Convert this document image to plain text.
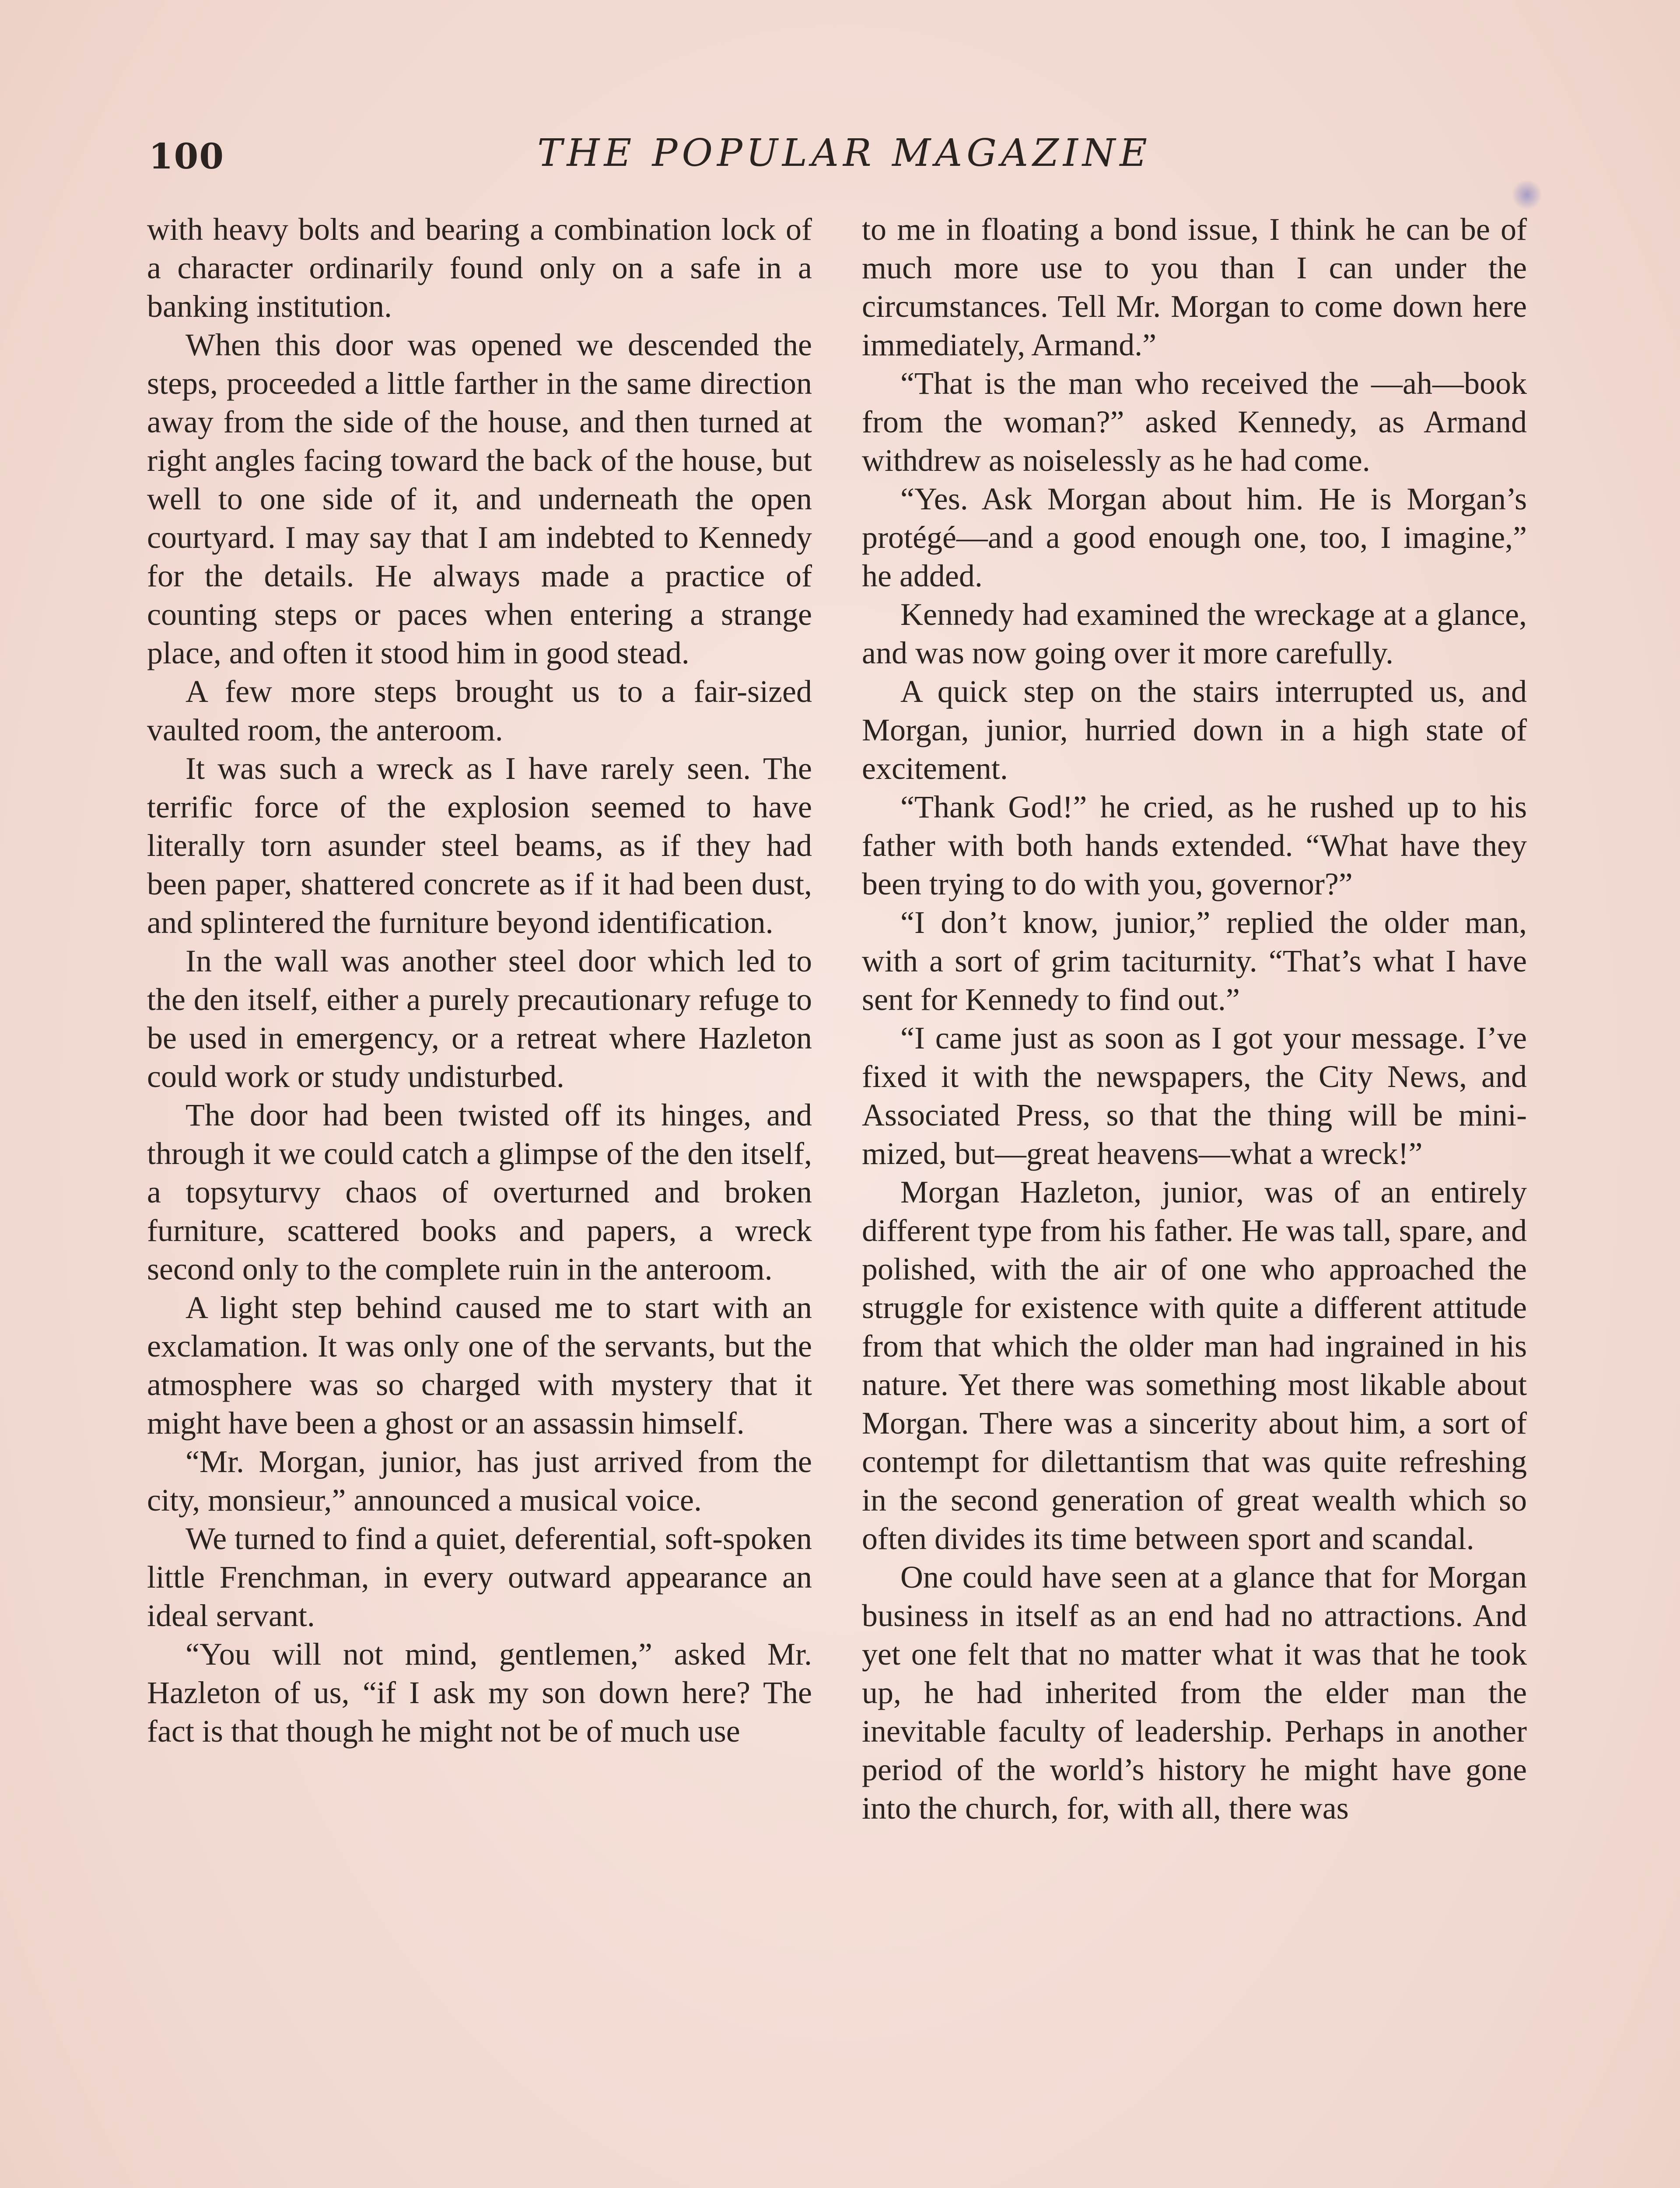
100	THE POPULAR MAGAZINE

with heavy bolts and bearing a combination lock of a character ordinarily found only on a safe in a banking institution.

When this door was opened we descended the steps, proceeded a little farther in the same direction away from the side of the house, and then turned at right angles facing toward the back of the house, but well to one side of it, and underneath the open courtyard. I may say that I am indebted to Kennedy for the details. He always made a practice of counting steps or paces when entering a strange place, and often it stood him in good stead.

A few more steps brought us to a fair-sized vaulted room, the anteroom.

It was such a wreck as I have rarely seen. The terrific force of the explosion seemed to have literally torn asunder steel beams, as if they had been paper, shattered concrete as if it had been dust, and splintered the furniture beyond identification.

In the wall was another steel door which led to the den itself, either a purely precautionary refuge to be used in emergency, or a retreat where Hazleton could work or study undisturbed.

The door had been twisted off its hinges, and through it we could catch a glimpse of the den itself, a topsyturvy chaos of overturned and broken furniture, scattered books and papers, a wreck second only to the complete ruin in the anteroom.

A light step behind caused me to start with an exclamation. It was only one of the servants, but the atmosphere was so charged with mystery that it might have been a ghost or an assassin himself.

“Mr. Morgan, junior, has just arrived from the city, monsieur,” announced a musical voice.

We turned to find a quiet, deferential, soft-spoken little Frenchman, in every outward appearance an ideal servant.

“You will not mind, gentlemen,” asked Mr. Hazleton of us, “if I ask my son down here? The fact is that though he might not be of much use

to me in floating a bond issue, I think he can be of much more use to you than I can under the circumstances. Tell Mr. Morgan to come down here immediately, Armand.”

“That is the man who received the —ah—book from the woman?” asked Kennedy, as Armand withdrew as noiselessly as he had come.

“Yes. Ask Morgan about him. He is Morgan’s protégé—and a good enough one, too, I imagine,” he added.

Kennedy had examined the wreckage at a glance, and was now going over it more carefully.

A quick step on the stairs interrupted us, and Morgan, junior, hurried down in a high state of excitement.

“Thank God!” he cried, as he rushed up to his father with both hands extended. “What have they been trying to do with you, governor?”

“I don’t know, junior,” replied the older man, with a sort of grim taciturnity. “That’s what I have sent for Kennedy to find out.”

“I came just as soon as I got your message. I’ve fixed it with the newspapers, the City News, and Associated Press, so that the thing will be minimized, but—great heavens—what a wreck!”

Morgan Hazleton, junior, was of an entirely different type from his father. He was tall, spare, and polished, with the air of one who approached the struggle for existence with quite a different attitude from that which the older man had ingrained in his nature. Yet there was something most likable about Morgan. There was a sincerity about him, a sort of contempt for dilettantism that was quite refreshing in the second generation of great wealth which so often divides its time between sport and scandal.

One could have seen at a glance that for Morgan business in itself as an end had no attractions. And yet one felt that no matter what it was that he took up, he had inherited from the elder man the inevitable faculty of leadership. Perhaps in another period of the world’s history he might have gone into the church, for, with all, there was
